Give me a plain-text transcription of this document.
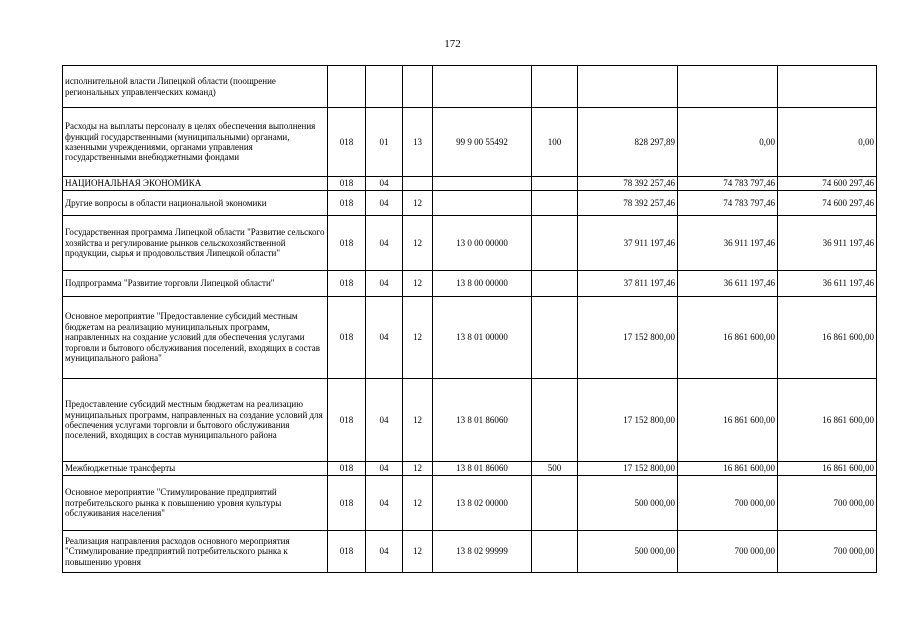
172
исполнительной власти Липецкой области (поощрение региональных управленческих команд)								
Расходы на выплаты персоналу в целях обеспечения выполнения функций государственными (муниципальными) органами, казенными учреждениями, органами управления государственными внебюджетными фондами	018	01	13	99 9 00 55492	100	828 297,89	0,00	0,00
НАЦИОНАЛЬНАЯ ЭКОНОМИКА	018	04				78 392 257,46	74 783 797,46	74 600 297,46
Другие вопросы в области национальной экономики	018	04	12			78 392 257,46	74 783 797,46	74 600 297,46
Государственная программа Липецкой области "Развитие сельского хозяйства и регулирование рынков сельскохозяйственной продукции, сырья и продовольствия Липецкой области"	018	04	12	13 0 00 00000		37 911 197,46	36 911 197,46	36 911 197,46
Подпрограмма "Развитие торговли Липецкой области"	018	04	12	13 8 00 00000		37 811 197,46	36 611 197,46	36 611 197,46
Основное мероприятие "Предоставление субсидий местным бюджетам на реализацию муниципальных программ, направленных на создание условий для обеспечения услугами торговли и бытового обслуживания поселений, входящих в состав муниципального района"	018	04	12	13 8 01 00000		17 152 800,00	16 861 600,00	16 861 600,00
Предоставление субсидий местным бюджетам на реализацию муниципальных программ, направленных на создание условий для обеспечения услугами торговли и бытового обслуживания поселений, входящих в состав муниципального района	018	04	12	13 8 01 86060		17 152 800,00	16 861 600,00	16 861 600,00
Межбюджетные трансферты	018	04	12	13 8 01 86060	500	17 152 800,00	16 861 600,00	16 861 600,00
Основное мероприятие "Стимулирование предприятий потребительского рынка к повышению уровня культуры обслуживания населения"	018	04	12	13 8 02 00000		500 000,00	700 000,00	700 000,00
Реализация направления расходов основного мероприятия "Стимулирование предприятий потребительского рынка к повышению уровня	018	04	12	13 8 02 99999		500 000,00	700 000,00	700 000,00
